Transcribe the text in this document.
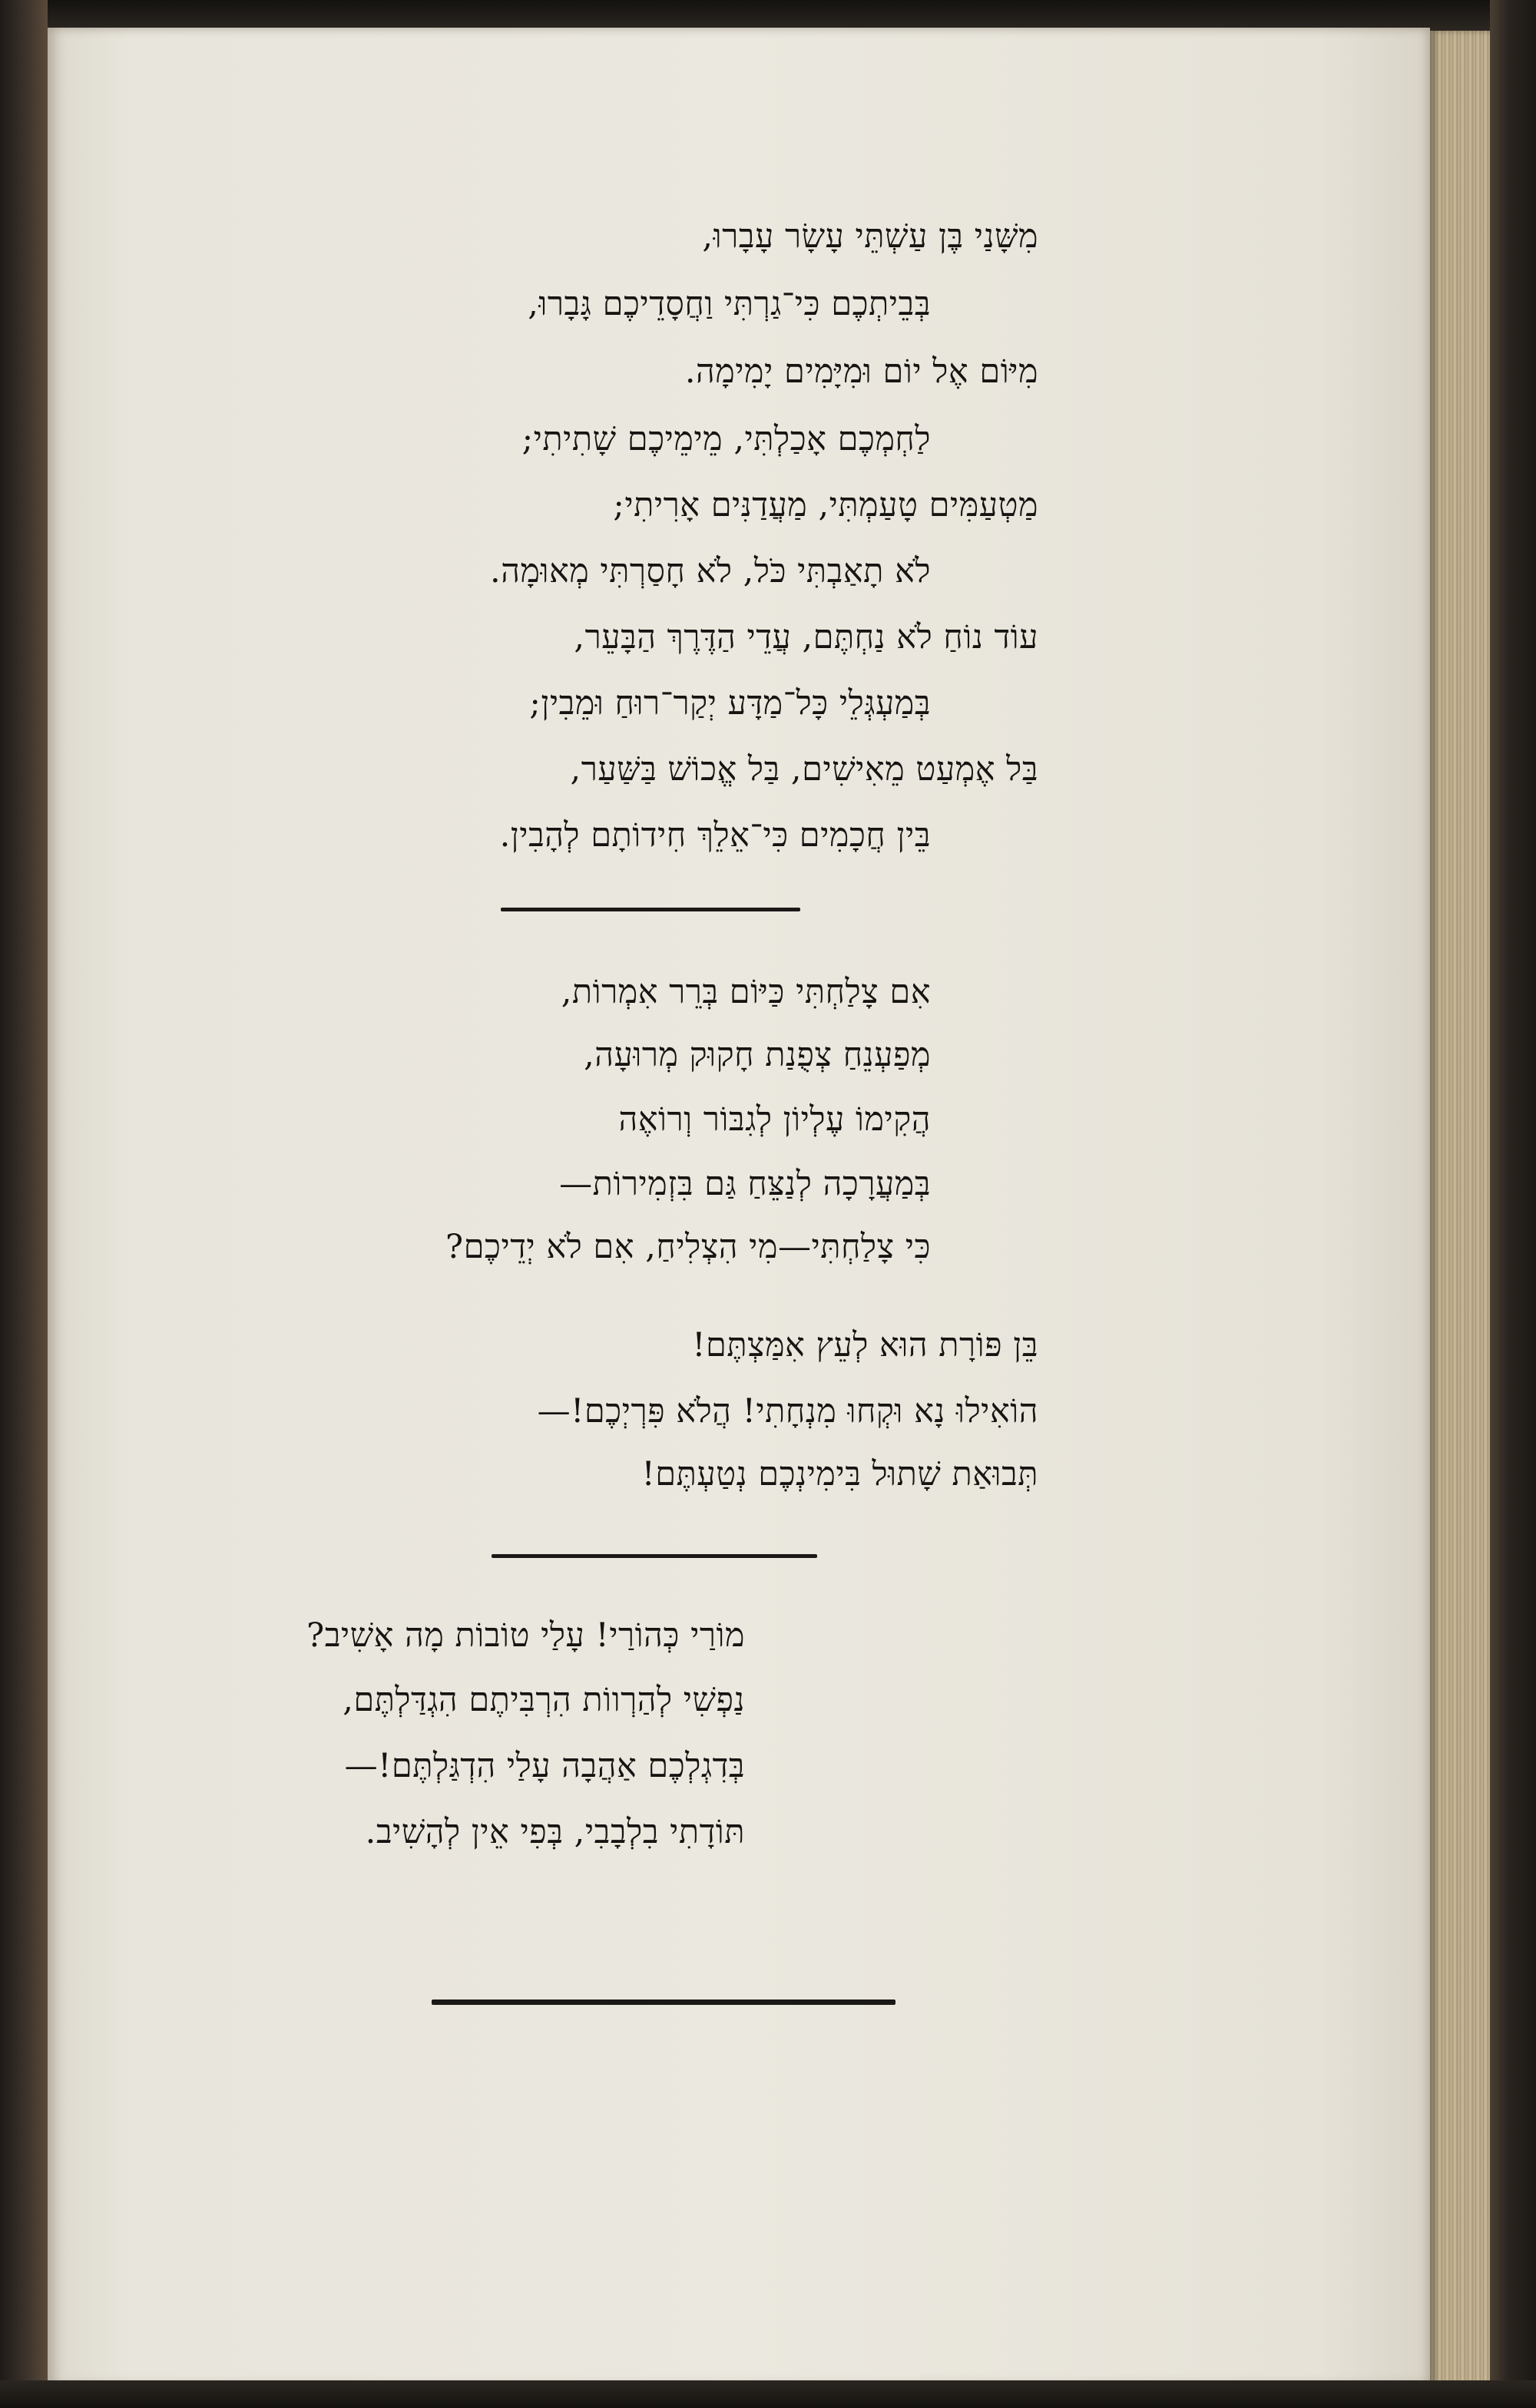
מִשָּׁנַי בֶּן עַשְׁתֵּי עָשָׂר עָבָרוּ,
בְּבֵיתְכֶם כִּי־גַרְתִּי וַחֲסָדֵיכֶם גָּבָרוּ,
מִיּוֹם אֶל יוֹם וּמִיָּמִים יָמִימָה.
לַחְמְכֶם אָכַלְתִּי, מֵימֵיכֶם שָׁתִיתִי;
מַטְעַמִּים טָעַמְתִּי, מַעֲדַנִּים אָרִיתִי;
לֹא תָאַבְתִּי כֹּל, לֹא חָסַרְתִּי מְאוּמָה.
עוֹד נוֹחַ לֹא נַחְתֶּם, עֲדֵי הַדֶּרֶךְ הַבָּעֵר,
בְּמַעְגְּלֵי כָּל־מַדָּע יְקַר־רוּחַ וּמֵבִין;
בַּל אֶמְעַט מֵאִישִׁים, בַּל אֱכוֹשׁ בַּשַּׁעַר,
בֵּין חֲכָמִים כִּי־אֵלֵךְ חִידוֹתָם לְהָבִין.
אִם צָלַחְתִּי כַּיּוֹם בְּרֵר אִמְרוֹת,
מְפַעְנֵחַ צְפֻנַת חָקוּק מְרוּעָה,
הֲקִימוֹ עֶלְיוֹן לְגִבּוֹר וְרוֹאֶה
בְּמַעֲרָכָה לְנַצֵּחַ גַּם בִּזְמִירוֹת—
כִּי צָלַחְתִּי—מִי הִצְלִיחַ, אִם לֹא יְדֵיכֶם?
בֵּן פּוֹרָת הוּא לְעֵץ אִמַּצְתֶּם!
הוֹאִילוּ נָא וּקְחוּ מִנְחָתִי! הֲלֹא פִּרְיְכֶם!—
תְּבוּאַת שָׁתוּל בִּימִינְכֶם נְטַעְתֶּם!
מוֹרַי כְּהוֹרַי! עָלַי טוֹבוֹת מָה אָשִׁיב?
נַפְשִׁי לְהַרְווֹת הִרְבִּיתֶם הִגְדַּלְתֶּם,
בְּדִגְלְכֶם אַהֲבָה עָלַי הִדְגַּלְתֶּם!—
תּוֹדָתִי בִלְבָבִי, בְּפִי אֵין לְהָשִׁיב.
